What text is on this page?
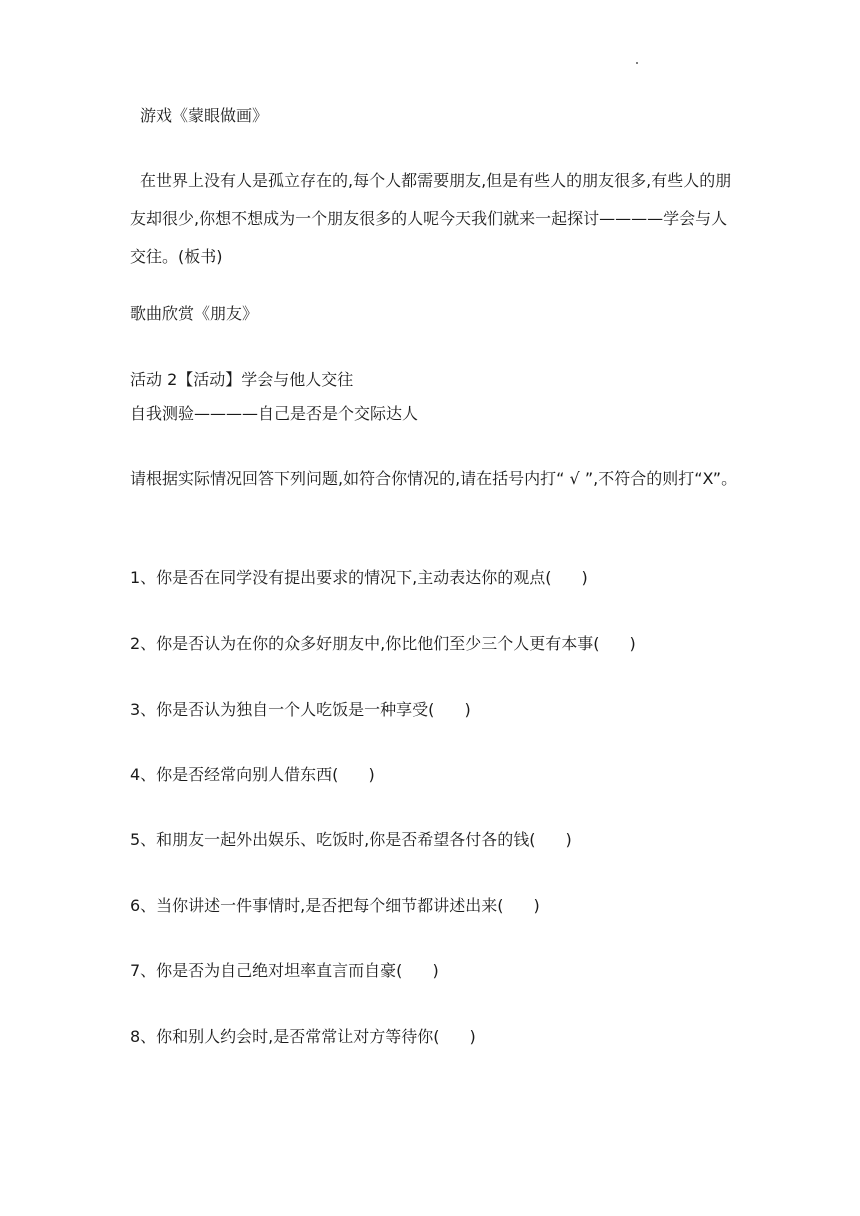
游戏《蒙眼做画》
在世界上没有人是孤立存在的,每个人都需要朋友,但是有些人的朋友很多,有些人的朋友却很少,你想不想成为一个朋友很多的人呢今天我们就来一起探讨————学会与人交往。(板书)
歌曲欣赏《朋友》
活动 2【活动】学会与他人交往
自我测验————自己是否是个交际达人
请根据实际情况回答下列问题,如符合你情况的,请在括号内打“ √ ”,不符合的则打“X”。
1、你是否在同学没有提出要求的情况下,主动表达你的观点( )
2、你是否认为在你的众多好朋友中,你比他们至少三个人更有本事( )
3、你是否认为独自一个人吃饭是一种享受( )
4、你是否经常向别人借东西( )
5、和朋友一起外出娱乐、吃饭时,你是否希望各付各的钱( )
6、当你讲述一件事情时,是否把每个细节都讲述出来( )
7、你是否为自己绝对坦率直言而自豪( )
8、你和别人约会时,是否常常让对方等待你( )
